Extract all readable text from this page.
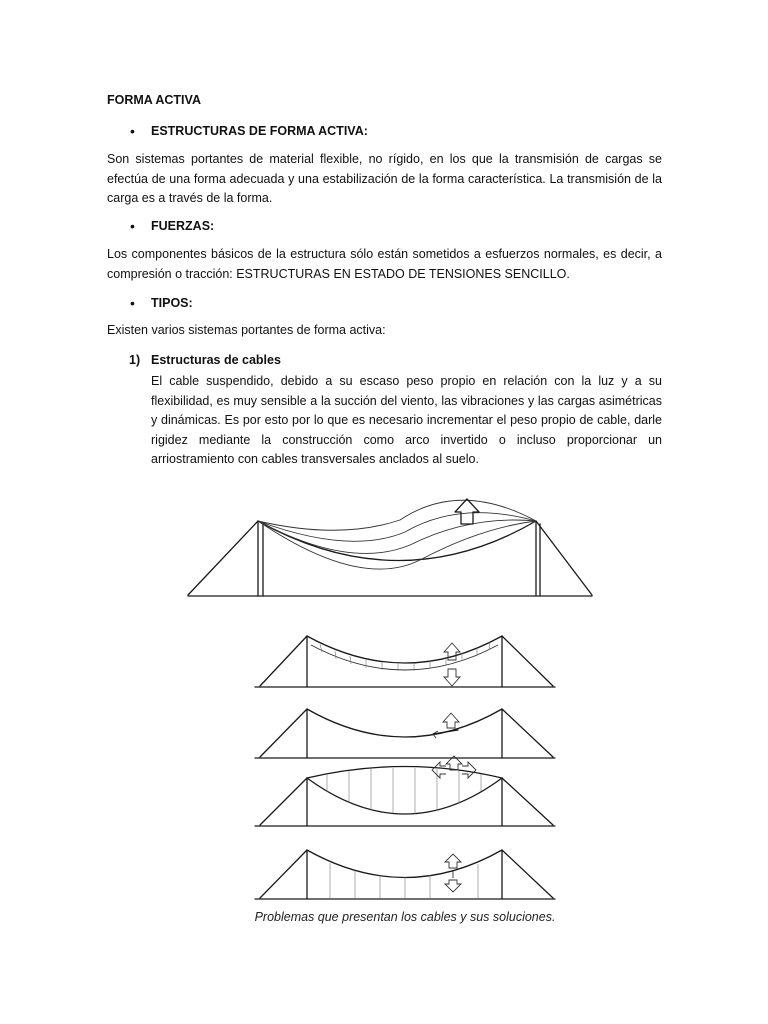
FORMA ACTIVA
• ESTRUCTURAS DE FORMA ACTIVA:
Son sistemas portantes de material flexible, no rígido, en los que la transmisión de cargas se efectúa de una forma adecuada y una estabilización de la forma característica. La transmisión de la carga es a través de la forma.
• FUERZAS:
Los componentes básicos de la estructura sólo están sometidos a esfuerzos normales, es decir, a compresión o tracción: ESTRUCTURAS EN ESTADO DE TENSIONES SENCILLO.
• TIPOS:
Existen varios sistemas portantes de forma activa:
1) Estructuras de cables
El cable suspendido, debido a su escaso peso propio en relación con la luz y a su flexibilidad, es muy sensible a la succión del viento, las vibraciones y las cargas asimétricas y dinámicas. Es por esto por lo que es necesario incrementar el peso propio de cable, darle rigidez mediante la construcción como arco invertido o incluso proporcionar un arriostramiento con cables transversales anclados al suelo.
Problemas que presentan los cables y sus soluciones.
